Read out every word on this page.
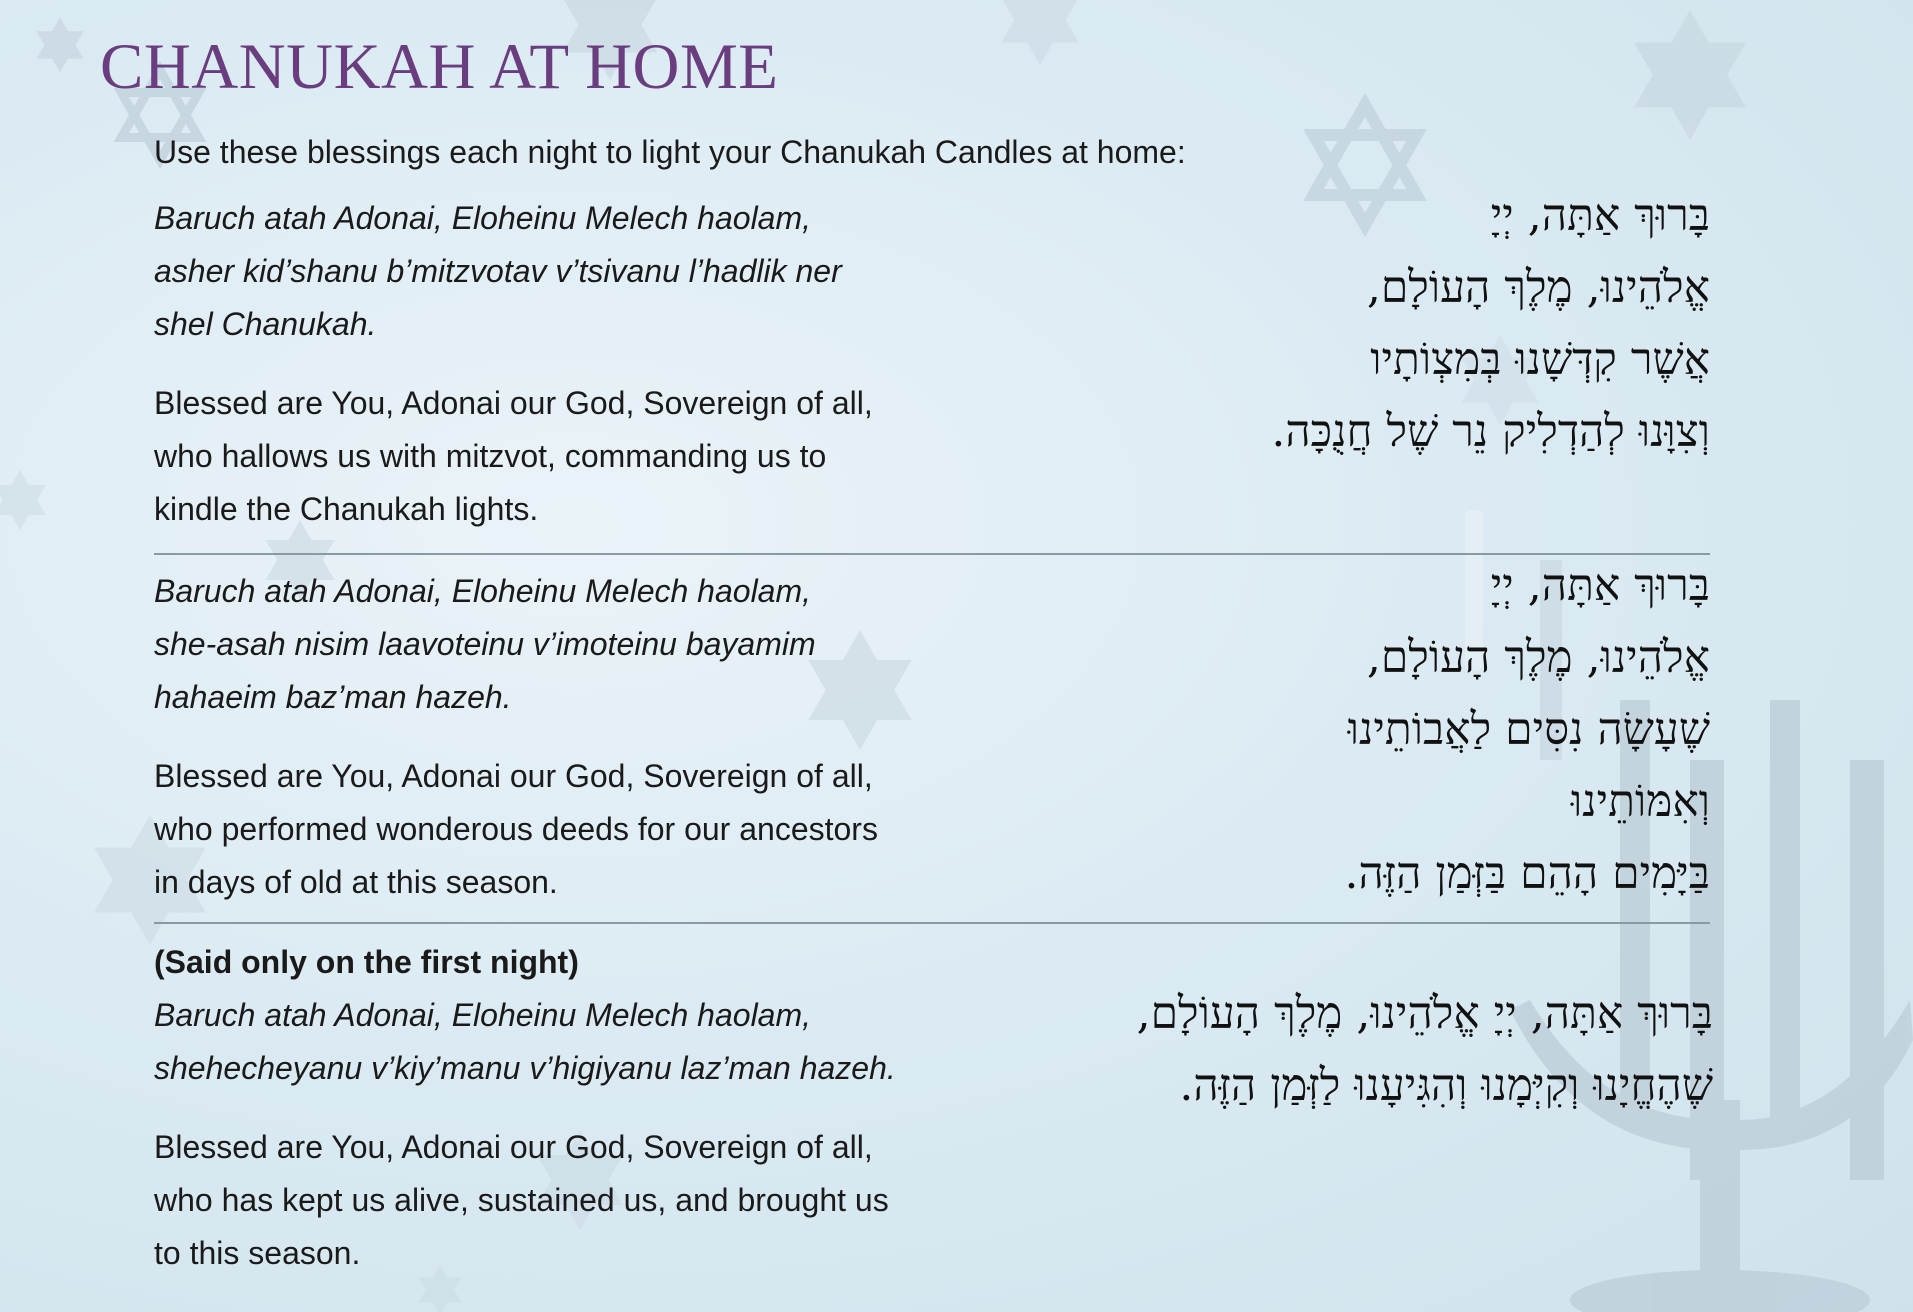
CHANUKAH AT HOME
Use these blessings each night to light your Chanukah Candles at home:

Baruch atah Adonai, Eloheinu Melech haolam,
asher kid’shanu b’mitzvotav v’tsivanu l’hadlik ner
shel Chanukah.

Blessed are You, Adonai our God, Sovereign of all,
who hallows us with mitzvot, commanding us to
kindle the Chanukah lights.

בָּרוּךְ אַתָּה, יְיָ
אֱלֹהֵינוּ, מֶלֶךְ הָעוֹלָם,
אֲשֶׁר קִדְּשָׁנוּ בְּמִצְוֹתָיו
וְצִוָּנוּ לְהַדְלִיק נֵר שֶׁל חֲנֻכָּה.

Baruch atah Adonai, Eloheinu Melech haolam,
she-asah nisim laavoteinu v’imoteinu bayamim
hahaeim baz’man hazeh.

Blessed are You, Adonai our God, Sovereign of all,
who performed wonderous deeds for our ancestors
in days of old at this season.

בָּרוּךְ אַתָּה, יְיָ
אֱלֹהֵינוּ, מֶלֶךְ הָעוֹלָם,
שֶׁעָשָׂה נִסִּים לַאֲבוֹתֵינוּ
וְאִמּוֹתֵינוּ
בַּיָּמִים הָהֵם בַּזְּמַן הַזֶּה.

(Said only on the first night)

Baruch atah Adonai, Eloheinu Melech haolam,
shehecheyanu v’kiy’manu v’higiyanu laz’man hazeh.

Blessed are You, Adonai our God, Sovereign of all,
who has kept us alive, sustained us, and brought us
to this season.

בָּרוּךְ אַתָּה, יְיָ אֱלֹהֵינוּ, מֶלֶךְ הָעוֹלָם,
שֶׁהֶחֱיָנוּ וְקִיְּמָנוּ וְהִגִּיעָנוּ לַזְּמַן הַזֶּה.
